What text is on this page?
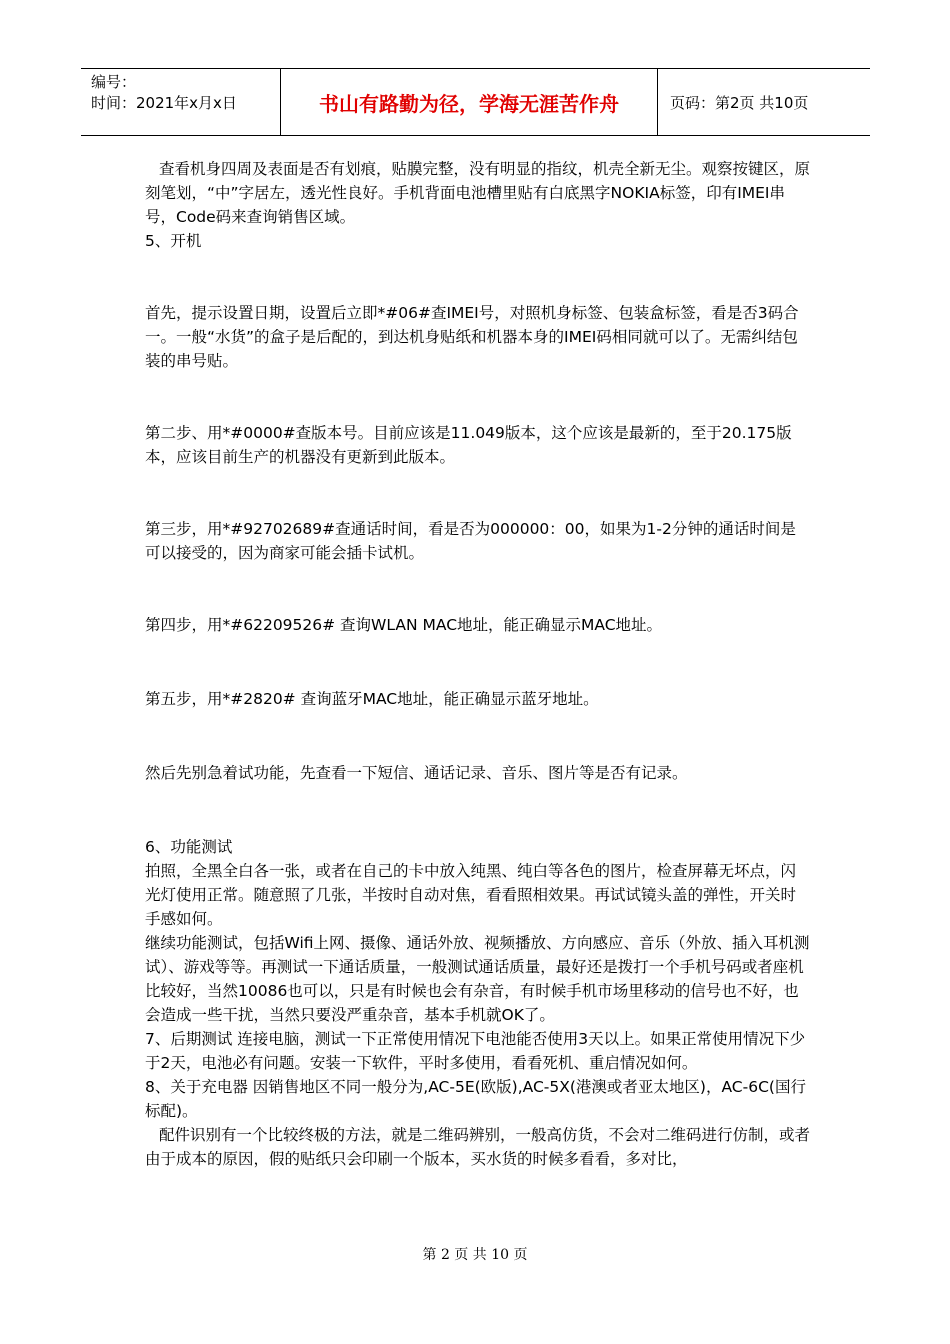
编号：
时间：2021年x月x日	书山有路勤为径，学海无涯苦作舟	页码：第2页 共10页

查看机身四周及表面是否有划痕，贴膜完整，没有明显的指纹，机壳全新无尘。观察按键区，原刻笔划，“中”字居左，透光性良好。手机背面电池槽里贴有白底黑字NOKIA标签，印有IMEI串号，Code码来查询销售区域。

5、开机

首先，提示设置日期，设置后立即*#06#查IMEI号，对照机身标签、包装盒标签，看是否3码合一。一般“水货”的盒子是后配的，到达机身贴纸和机器本身的IMEI码相同就可以了。无需纠结包装的串号贴。

第二步、用*#0000#查版本号。目前应该是11.049版本，这个应该是最新的，至于20.175版本，应该目前生产的机器没有更新到此版本。

第三步，用*#92702689#查通话时间，看是否为000000：00，如果为1-2分钟的通话时间是可以接受的，因为商家可能会插卡试机。

第四步，用*#62209526# 查询WLAN MAC地址，能正确显示MAC地址。

第五步，用*#2820# 查询蓝牙MAC地址，能正确显示蓝牙地址。

然后先别急着试功能，先查看一下短信、通话记录、音乐、图片等是否有记录。

6、功能测试

拍照，全黑全白各一张，或者在自己的卡中放入纯黑、纯白等各色的图片，检查屏幕无坏点，闪光灯使用正常。随意照了几张，半按时自动对焦，看看照相效果。再试试镜头盖的弹性，开关时手感如何。

继续功能测试，包括Wifi上网、摄像、通话外放、视频播放、方向感应、音乐（外放、插入耳机测试）、游戏等等。再测试一下通话质量，一般测试通话质量，最好还是拨打一个手机号码或者座机比较好，当然10086也可以，只是有时候也会有杂音，有时候手机市场里移动的信号也不好，也会造成一些干扰，当然只要没严重杂音，基本手机就OK了。

7、后期测试 连接电脑，测试一下正常使用情况下电池能否使用3天以上。如果正常使用情况下少于2天，电池必有问题。安装一下软件，平时多使用，看看死机、重启情况如何。

8、关于充电器 因销售地区不同一般分为,AC-5E(欧版),AC-5X(港澳或者亚太地区)，AC-6C(国行标配)。

配件识别有一个比较终极的方法，就是二维码辨别，一般高仿货，不会对二维码进行仿制，或者由于成本的原因，假的贴纸只会印刷一个版本，买水货的时候多看看，多对比，

第 2 页 共 10 页
